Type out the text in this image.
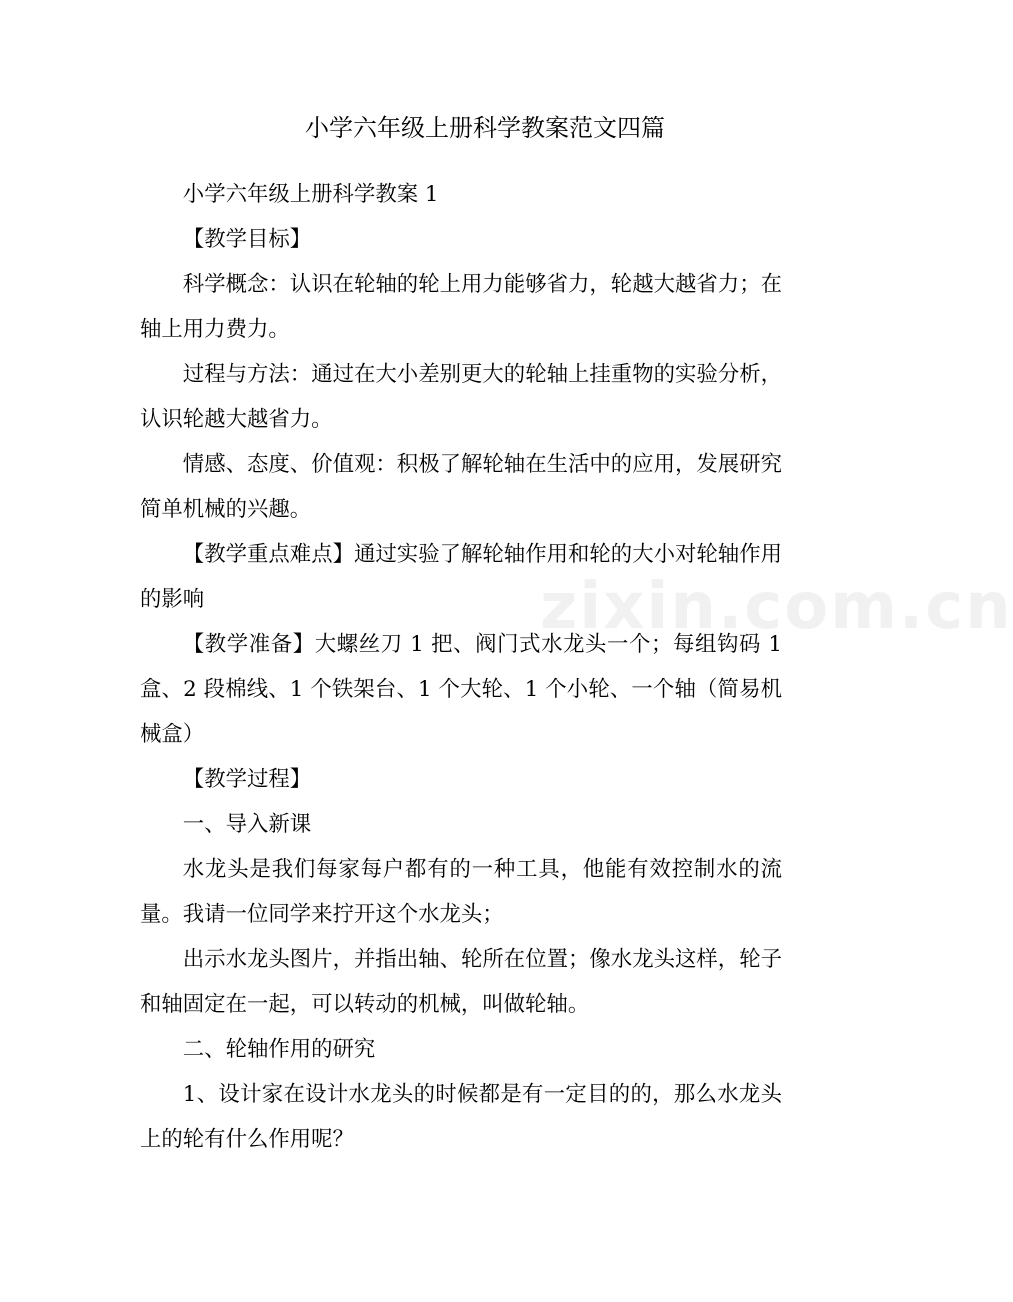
zixin.com.cn
小学六年级上册科学教案范文四篇

小学六年级上册科学教案 1

【教学目标】

科学概念：认识在轮轴的轮上用力能够省力，轮越大越省力；在轴上用力费力。

过程与方法：通过在大小差别更大的轮轴上挂重物的实验分析，认识轮越大越省力。

情感、态度、价值观：积极了解轮轴在生活中的应用，发展研究简单机械的兴趣。

【教学重点难点】通过实验了解轮轴作用和轮的大小对轮轴作用的影响

【教学准备】大螺丝刀 1 把、阀门式水龙头一个；每组钩码 1 盒、2 段棉线、1 个铁架台、1 个大轮、1 个小轮、一个轴（简易机械盒）

【教学过程】

一、导入新课

水龙头是我们每家每户都有的一种工具，他能有效控制水的流量。我请一位同学来拧开这个水龙头；

出示水龙头图片，并指出轴、轮所在位置；像水龙头这样，轮子和轴固定在一起，可以转动的机械，叫做轮轴。

二、轮轴作用的研究

1、设计家在设计水龙头的时候都是有一定目的的，那么水龙头上的轮有什么作用呢？
